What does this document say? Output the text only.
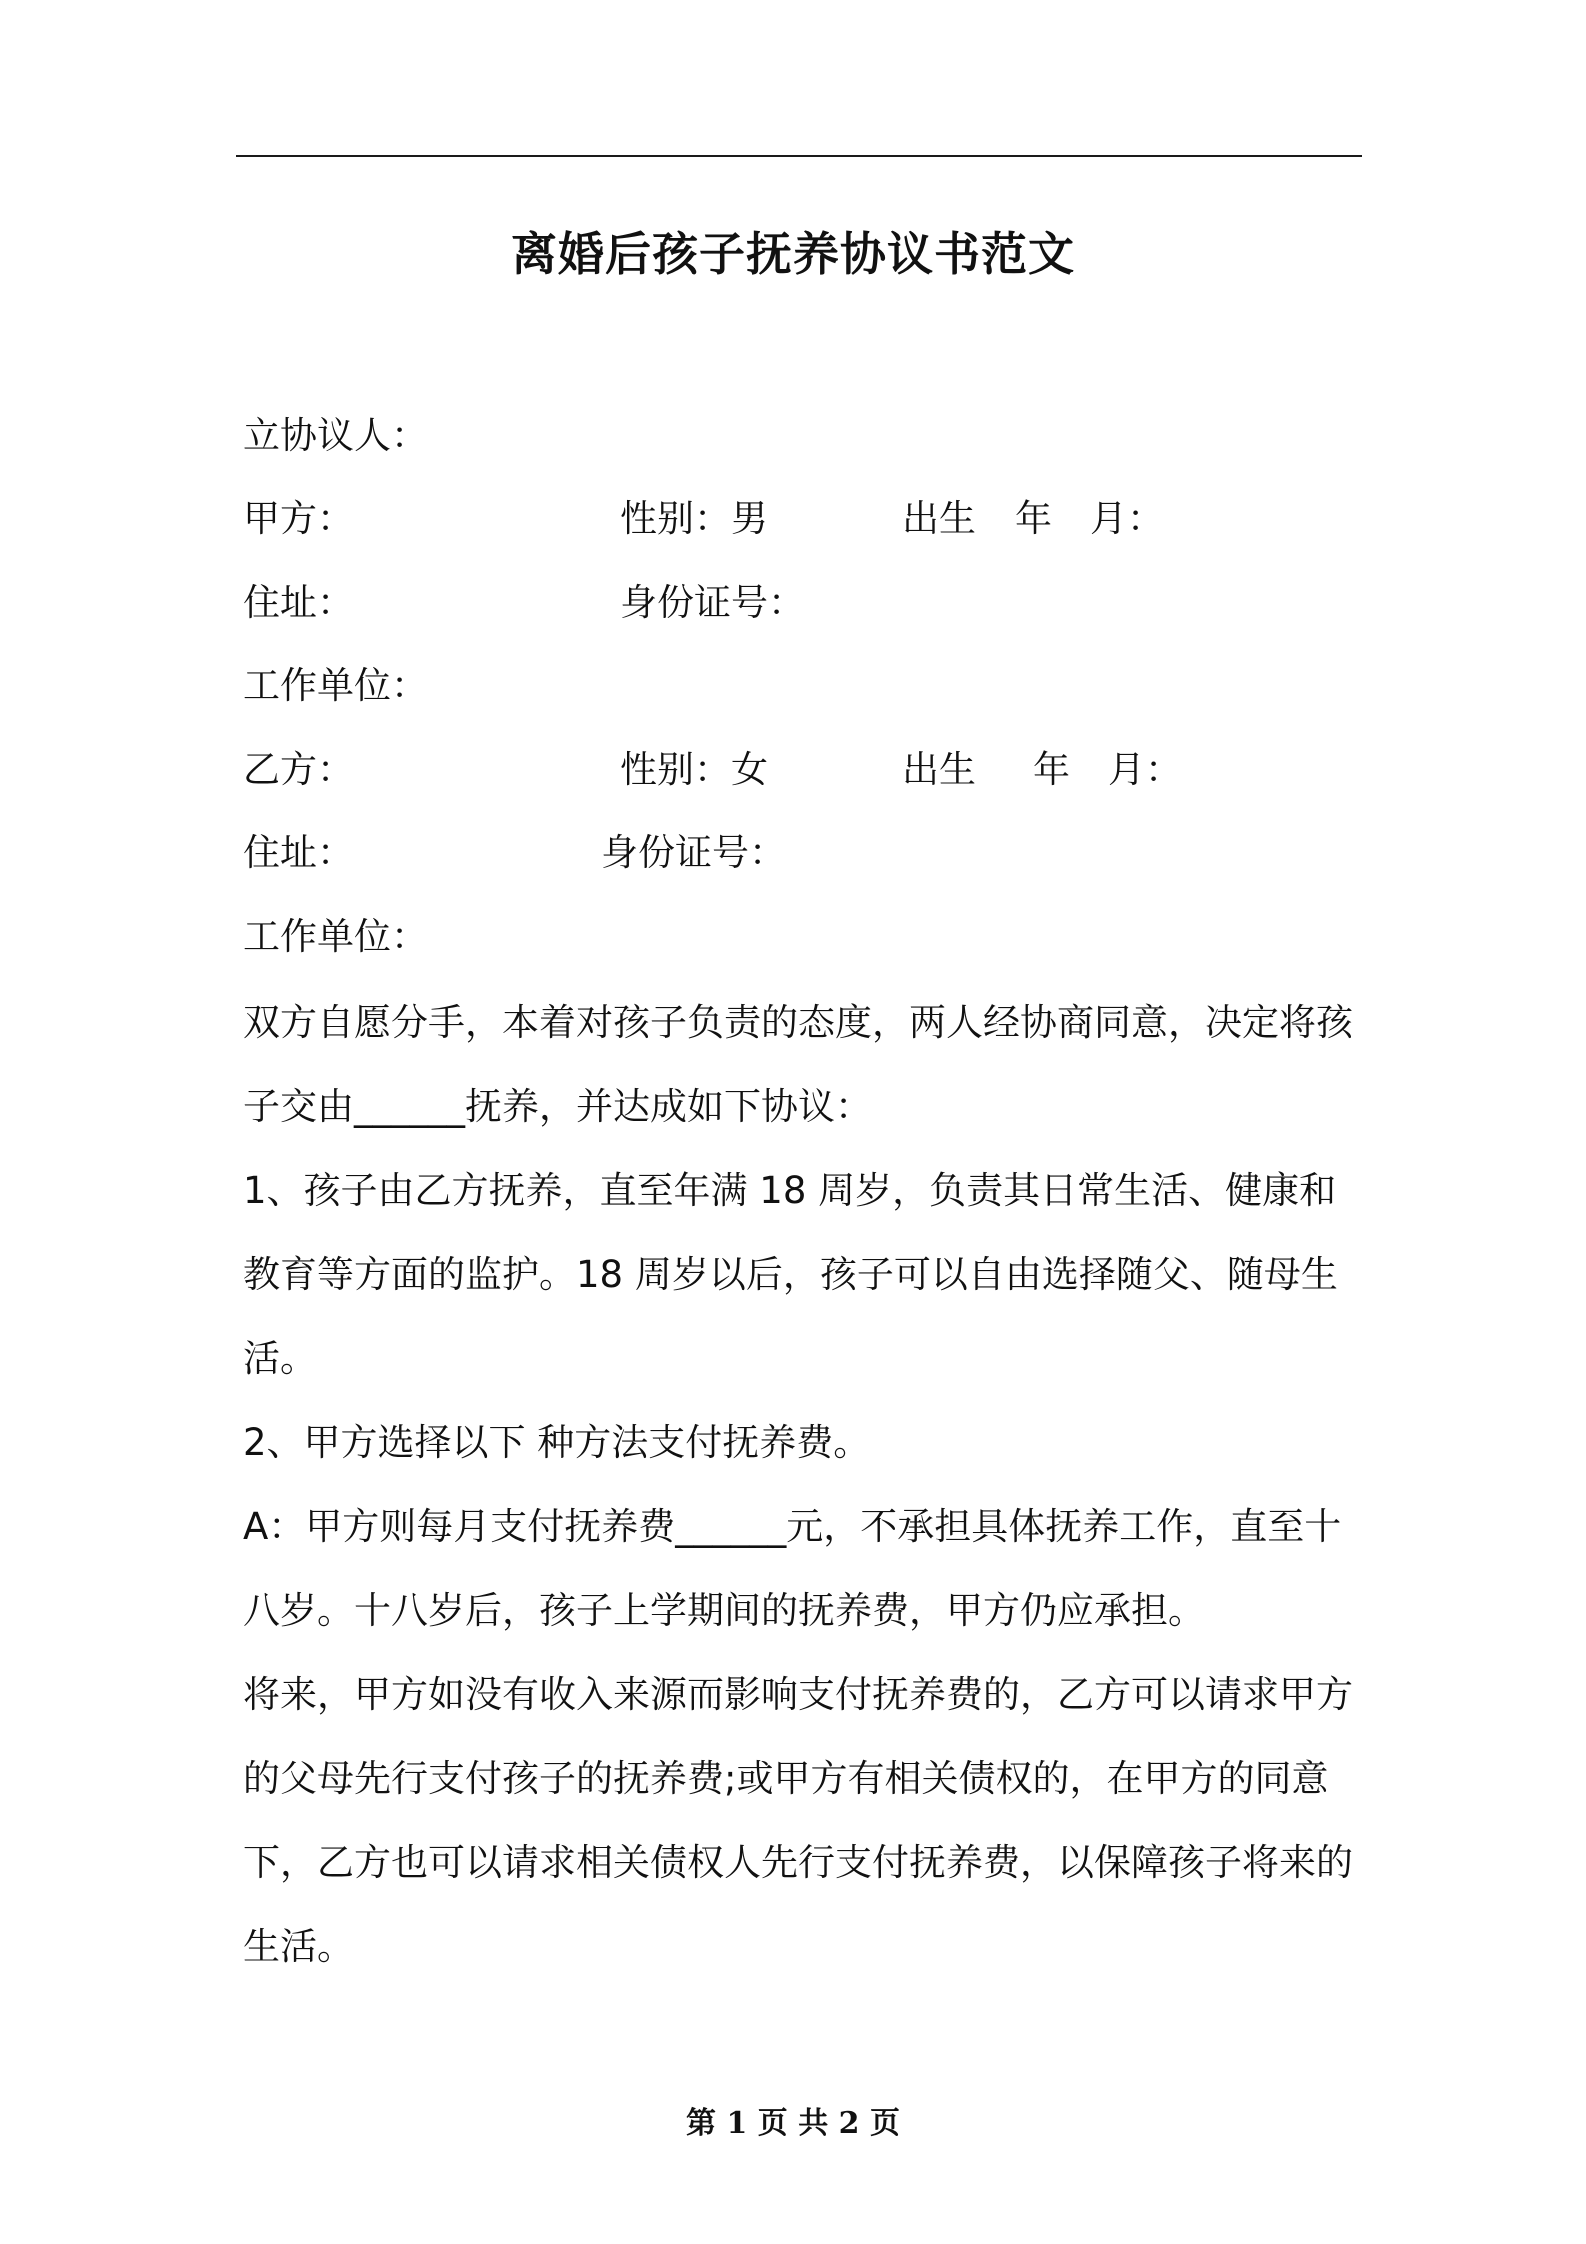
离婚后孩子抚养协议书范文
立协议人：
甲方：	性别：男	出生 年 月：
住址：	身份证号：
工作单位：
乙方：	性别：女	出生 年 月：
住址：	身份证号：
工作单位：
双方自愿分手，本着对孩子负责的态度，两人经协商同意，决定将孩
子交由______抚养，并达成如下协议：
1、孩子由乙方抚养，直至年满 18 周岁，负责其日常生活、健康和
教育等方面的监护。18 周岁以后，孩子可以自由选择随父、随母生
活。
2、甲方选择以下 种方法支付抚养费。
A：甲方则每月支付抚养费______元，不承担具体抚养工作，直至十
八岁。十八岁后，孩子上学期间的抚养费，甲方仍应承担。
将来，甲方如没有收入来源而影响支付抚养费的，乙方可以请求甲方
的父母先行支付孩子的抚养费;或甲方有相关债权的，在甲方的同意
下，乙方也可以请求相关债权人先行支付抚养费，以保障孩子将来的
生活。
第 1 页 共 2 页
